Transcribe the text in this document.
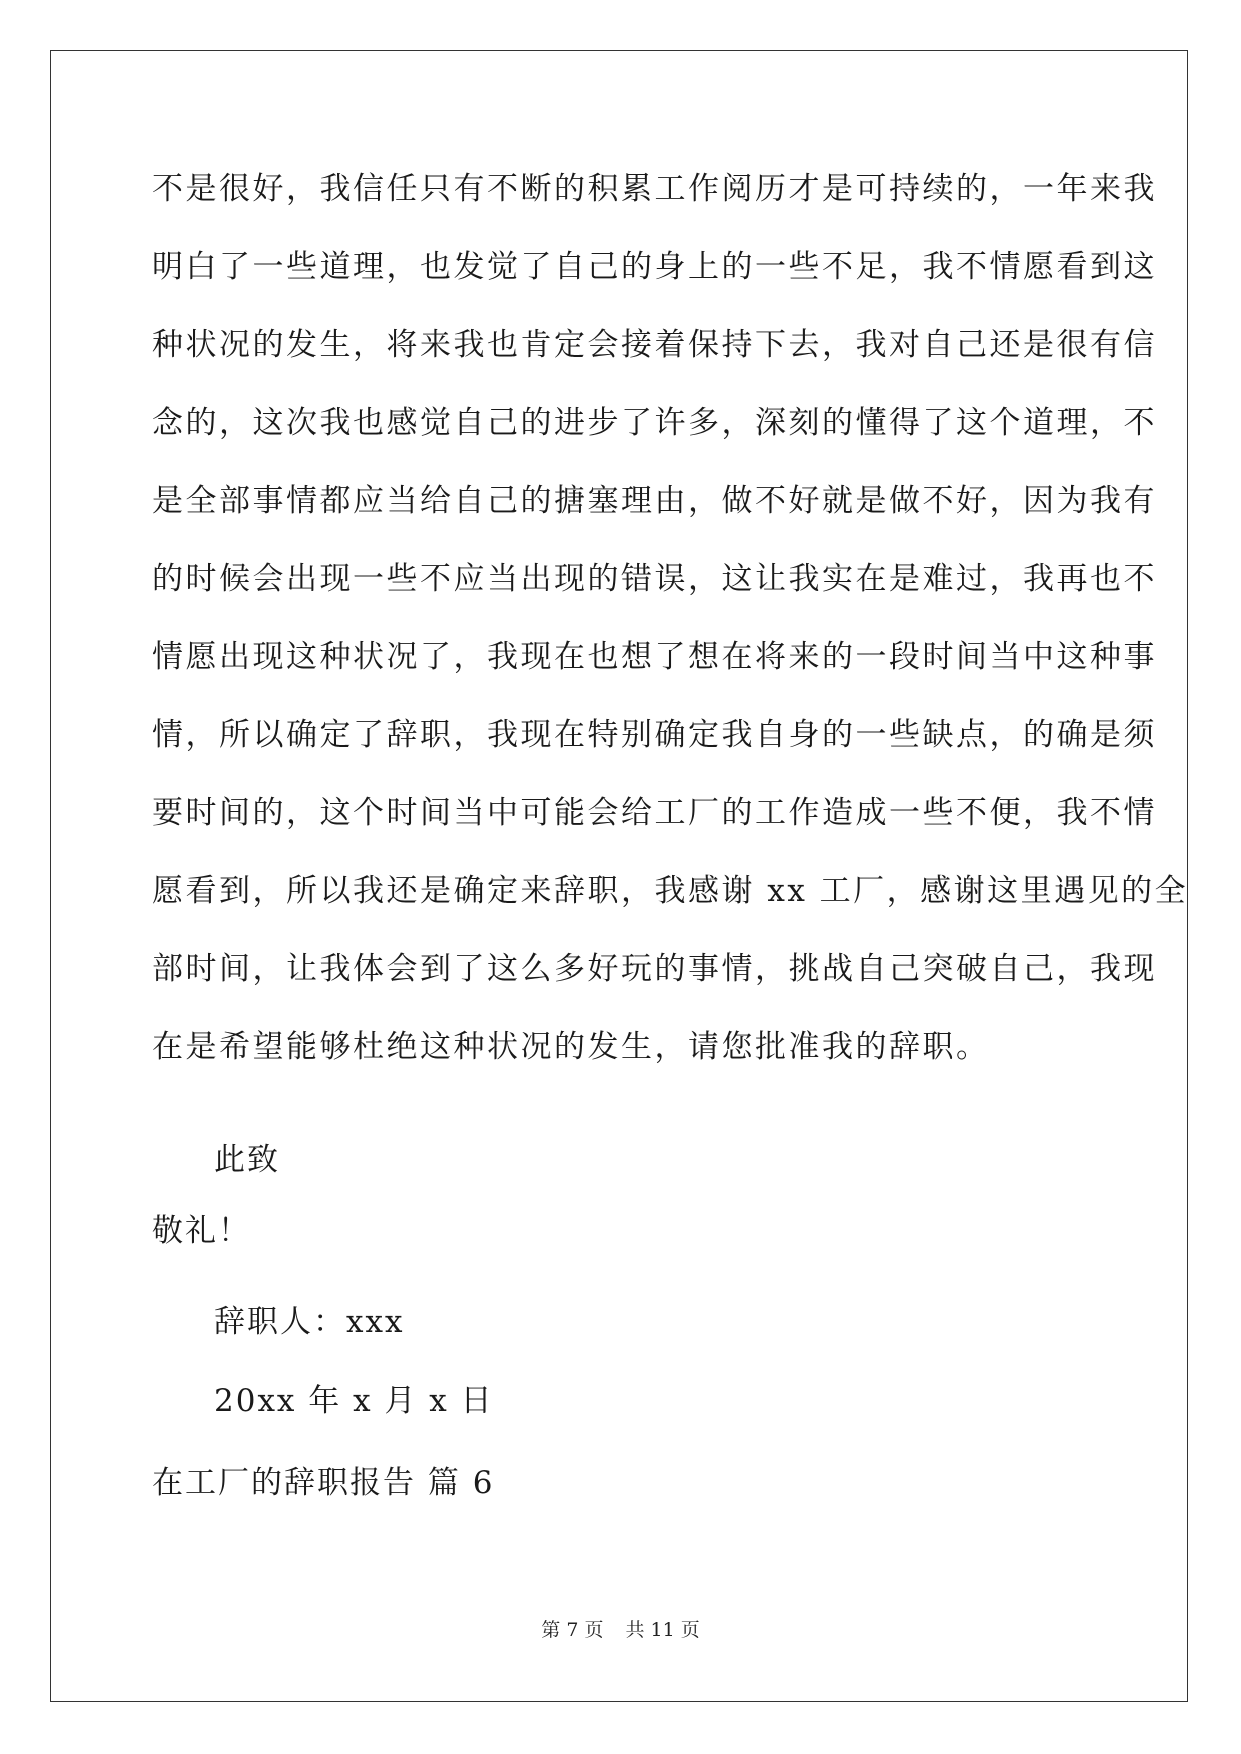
不是很好，我信任只有不断的积累工作阅历才是可持续的，一年来我
明白了一些道理，也发觉了自己的身上的一些不足，我不情愿看到这
种状况的发生，将来我也肯定会接着保持下去，我对自己还是很有信
念的，这次我也感觉自己的进步了许多，深刻的懂得了这个道理，不
是全部事情都应当给自己的搪塞理由，做不好就是做不好，因为我有
的时候会出现一些不应当出现的错误，这让我实在是难过，我再也不
情愿出现这种状况了，我现在也想了想在将来的一段时间当中这种事
情，所以确定了辞职，我现在特别确定我自身的一些缺点，的确是须
要时间的，这个时间当中可能会给工厂的工作造成一些不便，我不情
愿看到，所以我还是确定来辞职，我感谢 xx 工厂，感谢这里遇见的全
部时间，让我体会到了这么多好玩的事情，挑战自己突破自己，我现
在是希望能够杜绝这种状况的发生，请您批准我的辞职。
此致
敬礼！
辞职人：xxx
20xx 年 x 月 x 日
在工厂的辞职报告 篇 6
第 7 页 共 11 页
